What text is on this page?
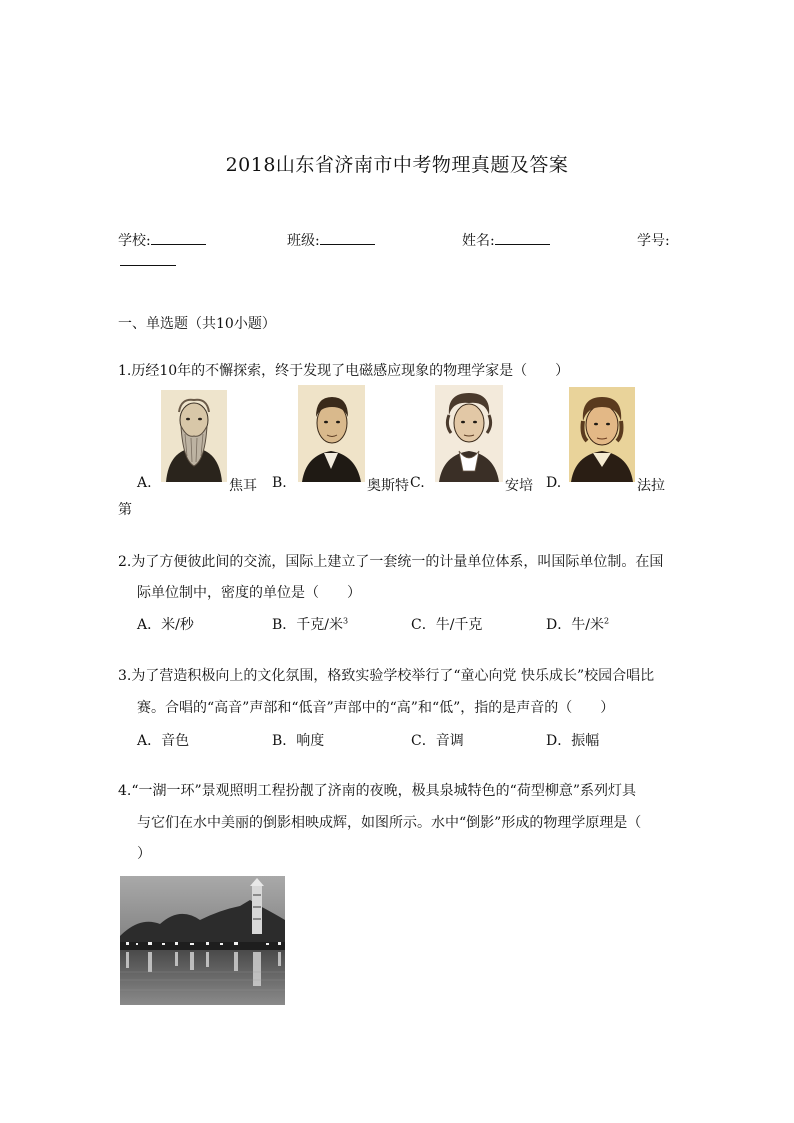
2018山东省济南市中考物理真题及答案
学校:	班级:	姓名:	学号:
一、单选题（共10小题）
1.历经10年的不懈探索，终于发现了电磁感应现象的物理学家是（　　）
A.	焦耳 B.	奥斯特 C.	安培 D.	法拉
第
2.为了方便彼此间的交流，国际上建立了一套统一的计量单位体系，叫国际单位制。在国
际单位制中，密度的单位是（　　）
A．米/秒	B．千克/米$^3$	C．牛/千克	D．牛/米$^2$
3.为了营造积极向上的文化氛围，格致实验学校举行了“童心向党 快乐成长”校园合唱比
赛。合唱的“高音”声部和“低音”声部中的“高”和“低”，指的是声音的（　　）
A．音色	B．响度	C．音调	D．振幅
4.“一湖一环”景观照明工程扮靓了济南的夜晚，极具泉城特色的“荷型柳意”系列灯具
与它们在水中美丽的倒影相映成辉，如图所示。水中“倒影”形成的物理学原理是（
）
